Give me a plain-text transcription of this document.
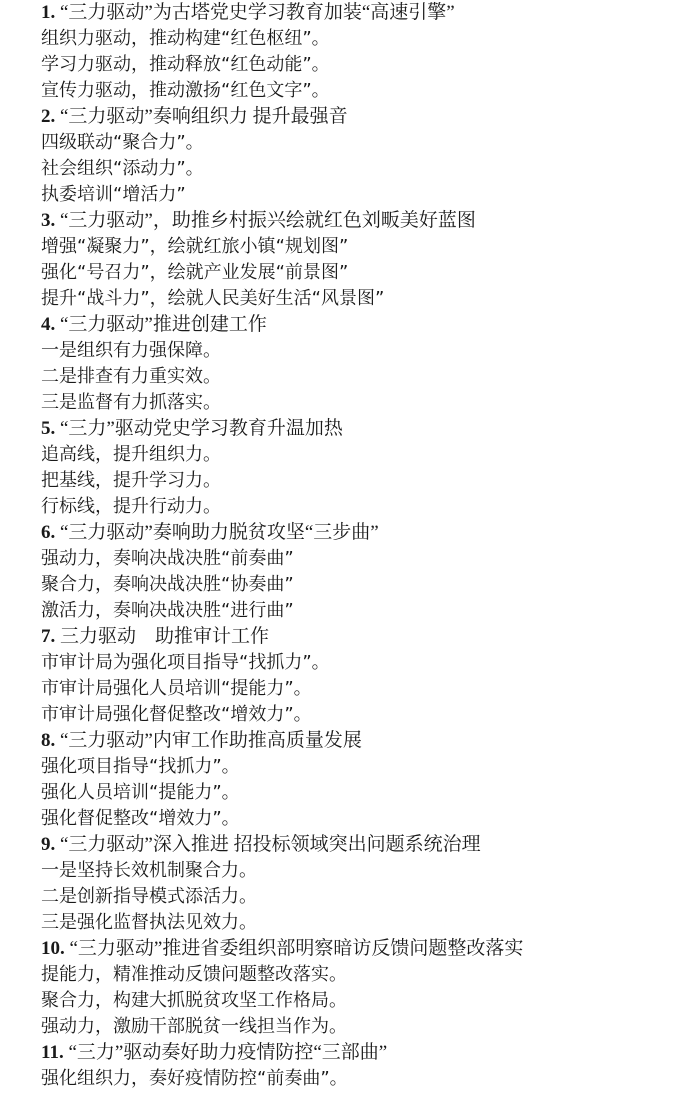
1. “三力驱动”为古塔党史学习教育加装“高速引擎”
组织力驱动，推动构建“红色枢纽”。
学习力驱动，推动释放“红色动能”。
宣传力驱动，推动激扬“红色文字”。
2. “三力驱动”奏响组织力 提升最强音
四级联动“聚合力”。
社会组织“添动力”。
执委培训“增活力”
3. “三力驱动”，助推乡村振兴绘就红色刘畈美好蓝图
增强“凝聚力”，绘就红旅小镇“规划图”
强化“号召力”，绘就产业发展“前景图”
提升“战斗力”，绘就人民美好生活“风景图”
4. “三力驱动”推进创建工作
一是组织有力强保障。
二是排查有力重实效。
三是监督有力抓落实。
5. “三力”驱动党史学习教育升温加热
追高线，提升组织力。
把基线，提升学习力。
行标线，提升行动力。
6. “三力驱动”奏响助力脱贫攻坚“三步曲”
强动力，奏响决战决胜“前奏曲”
聚合力，奏响决战决胜“协奏曲”
激活力，奏响决战决胜“进行曲”
7. 三力驱动　助推审计工作
市审计局为强化项目指导“找抓力”。
市审计局强化人员培训“提能力”。
市审计局强化督促整改“增效力”。
8. “三力驱动”内审工作助推高质量发展
强化项目指导“找抓力”。
强化人员培训“提能力”。
强化督促整改“增效力”。
9. “三力驱动”深入推进 招投标领域突出问题系统治理
一是坚持长效机制聚合力。
二是创新指导模式添活力。
三是强化监督执法见效力。
10. “三力驱动”推进省委组织部明察暗访反馈问题整改落实
提能力，精准推动反馈问题整改落实。
聚合力，构建大抓脱贫攻坚工作格局。
强动力，激励干部脱贫一线担当作为。
11. “三力”驱动奏好助力疫情防控“三部曲”
强化组织力，奏好疫情防控“前奏曲”。
